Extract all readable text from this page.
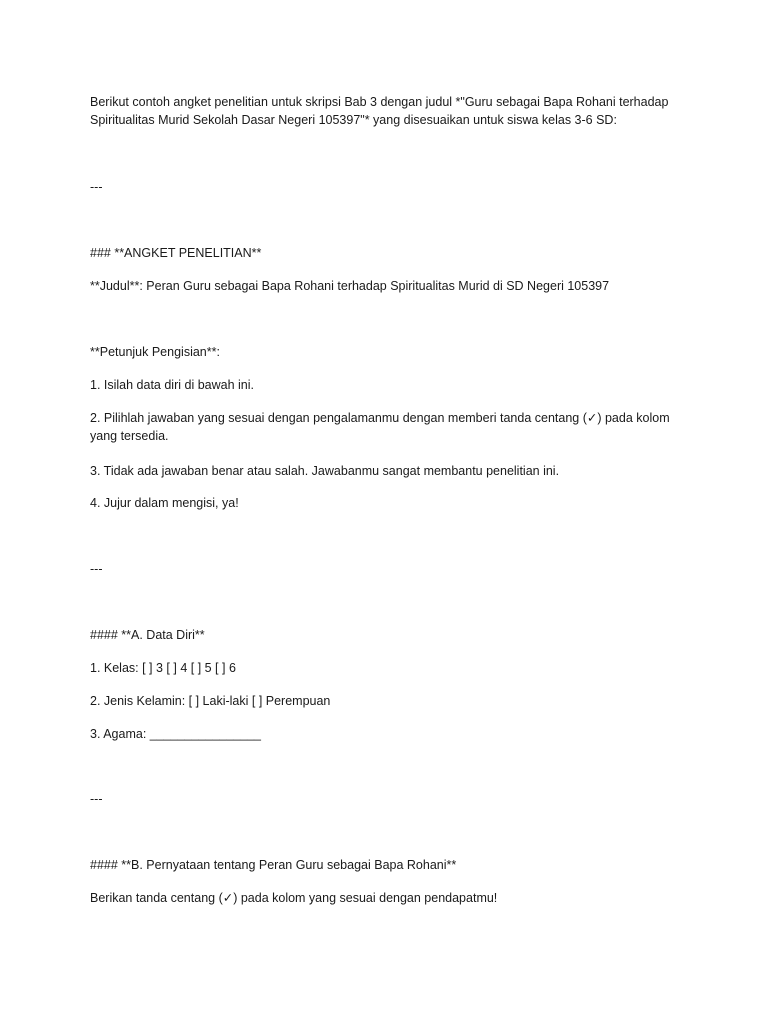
Berikut contoh angket penelitian untuk skripsi Bab 3 dengan judul *"Guru sebagai Bapa Rohani terhadap Spiritualitas Murid Sekolah Dasar Negeri 105397"* yang disesuaikan untuk siswa kelas 3-6 SD:
---
### **ANGKET PENELITIAN**
**Judul**: Peran Guru sebagai Bapa Rohani terhadap Spiritualitas Murid di SD Negeri 105397
**Petunjuk Pengisian**:
1. Isilah data diri di bawah ini.
2. Pilihlah jawaban yang sesuai dengan pengalamanmu dengan memberi tanda centang (✓) pada kolom yang tersedia.
3. Tidak ada jawaban benar atau salah. Jawabanmu sangat membantu penelitian ini.
4. Jujur dalam mengisi, ya!
---
#### **A. Data Diri**
1. Kelas: [ ] 3 [ ] 4 [ ] 5 [ ] 6
2. Jenis Kelamin: [ ] Laki-laki [ ] Perempuan
3. Agama: ________________
---
#### **B. Pernyataan tentang Peran Guru sebagai Bapa Rohani**
Berikan tanda centang (✓) pada kolom yang sesuai dengan pendapatmu!
